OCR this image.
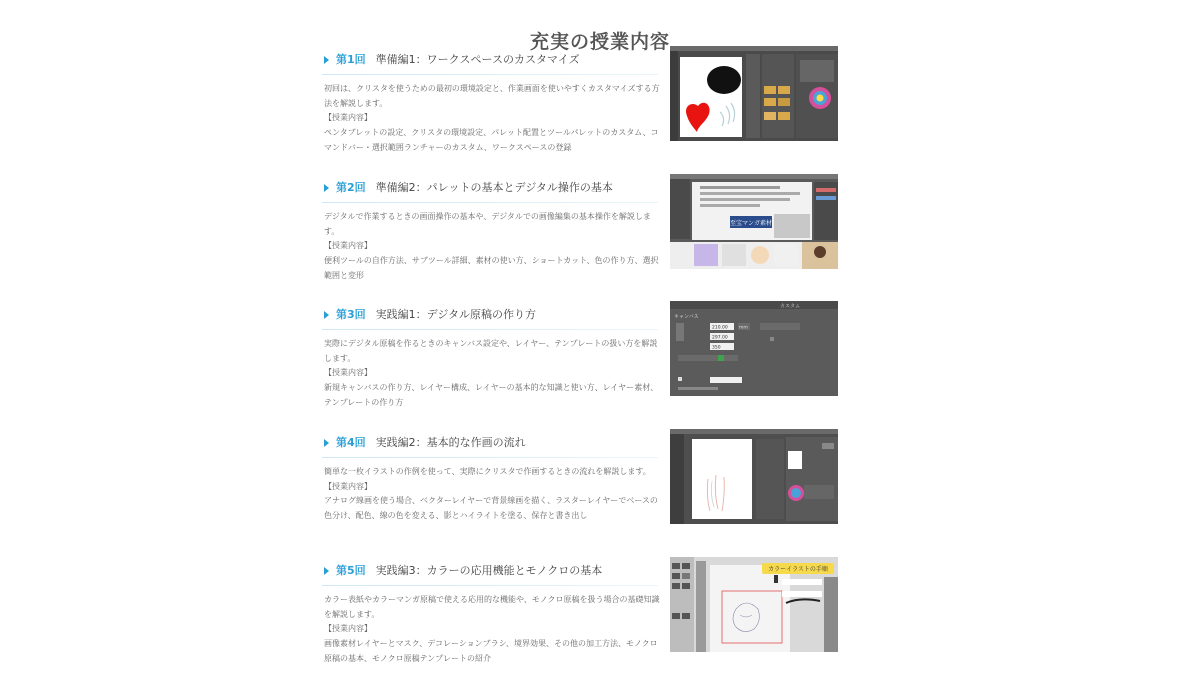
充実の授業内容
第1回 準備編1：ワークスペースのカスタマイズ

初回は、クリスタを使うための最初の環境設定と、作業画面を使いやすくカスタマイズする方法を解説します。

【授業内容】

ペンタブレットの設定、クリスタの環境設定、パレット配置とツールパレットのカスタム、コマンドバー・選択範囲ランチャーのカスタム、ワークスペースの登録

第2回 準備編2：パレットの基本とデジタル操作の基本

デジタルで作業するときの画面操作の基本や、デジタルでの画像編集の基本操作を解説します。

【授業内容】

便利ツールの自作方法、サブツール詳細、素材の使い方、ショートカット、色の作り方、選択範囲と変形

至宝マンガ素材
第3回 実践編1：デジタル原稿の作り方

実際にデジタル原稿を作るときのキャンバス設定や、レイヤー、テンプレートの扱い方を解説します。

【授業内容】

新規キャンバスの作り方、レイヤー構成、レイヤーの基本的な知識と使い方、レイヤー素材、テンプレートの作り方

カスタム
キャンバス
210.00
297.00
350
mm
第4回 実践編2：基本的な作画の流れ

簡単な一枚イラストの作例を使って、実際にクリスタで作画するときの流れを解説します。

【授業内容】

アナログ線画を使う場合、ベクターレイヤーで背景線画を描く、ラスターレイヤーでベースの色分け、配色、線の色を変える、影とハイライトを塗る、保存と書き出し

第5回 実践編3：カラーの応用機能とモノクロの基本

カラー表紙やカラーマンガ原稿で使える応用的な機能や、モノクロ原稿を扱う場合の基礎知識を解説します。

【授業内容】

画像素材レイヤーとマスク、デコレーションブラシ、境界効果、その他の加工方法、モノクロ原稿の基本、モノクロ原稿テンプレートの紹介

カラーイラストの手順
